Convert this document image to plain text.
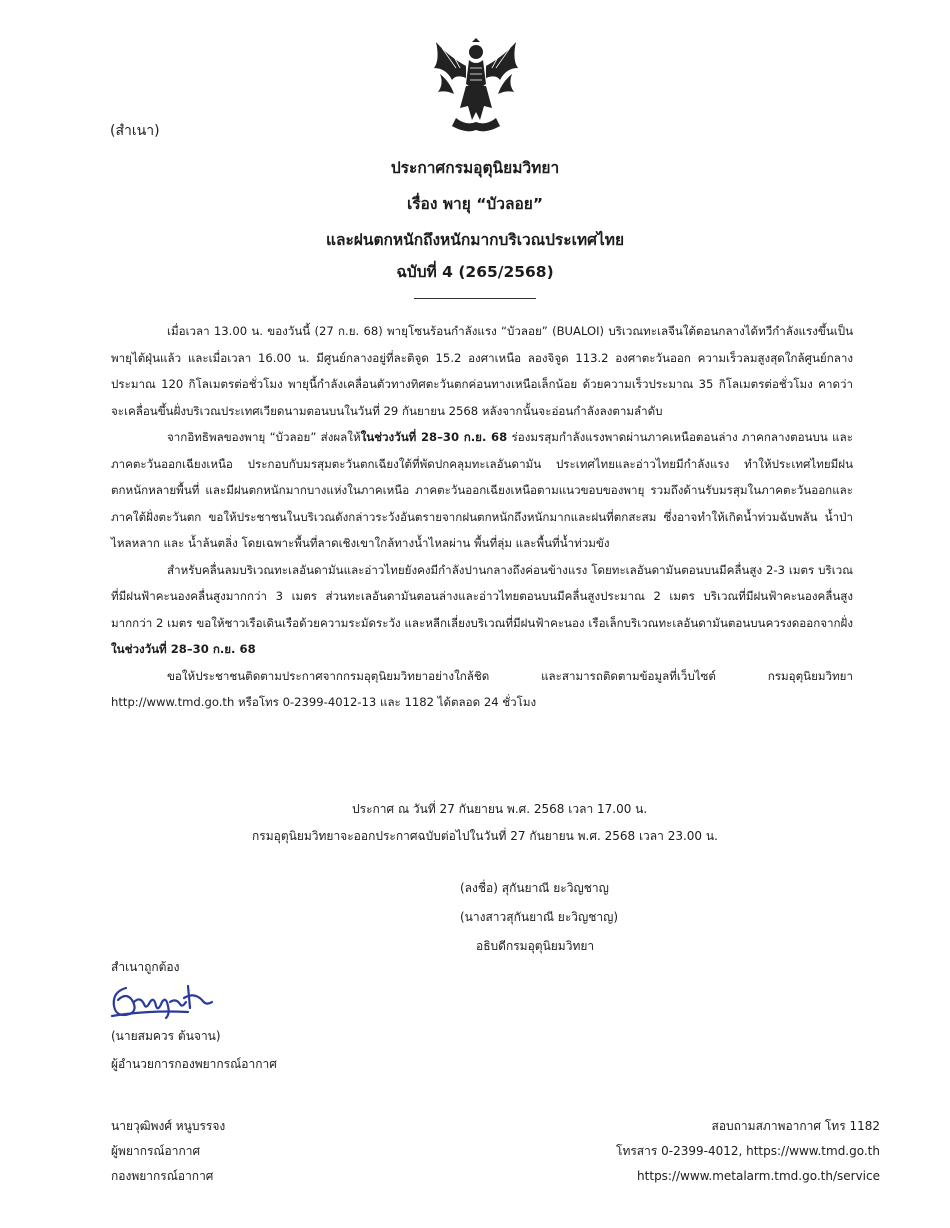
(สำเนา)
ประกาศกรมอุตุนิยมวิทยา
เรื่อง พายุ “บัวลอย”
และฝนตกหนักถึงหนักมากบริเวณประเทศไทย
ฉบับที่ 4 (265/2568)

เมื่อเวลา 13.00 น. ของวันนี้ (27 ก.ย. 68) พายุโซนร้อนกำลังแรง “บัวลอย” (BUALOI) บริเวณทะเลจีนใต้ตอนกลางได้ทวีกำลังแรงขึ้นเป็นพายุไต้ฝุ่นแล้ว และเมื่อเวลา 16.00 น. มีศูนย์กลางอยู่ที่ละติจูด 15.2 องศาเหนือ ลองจิจูด 113.2 องศาตะวันออก ความเร็วลมสูงสุดใกล้ศูนย์กลางประมาณ 120 กิโลเมตรต่อชั่วโมง พายุนี้กำลังเคลื่อนตัวทางทิศตะวันตกค่อนทางเหนือเล็กน้อย ด้วยความเร็วประมาณ 35 กิโลเมตรต่อชั่วโมง คาดว่าจะเคลื่อนขึ้นฝั่งบริเวณประเทศเวียดนามตอนบนในวันที่ 29 กันยายน 2568 หลังจากนั้นจะอ่อนกำลังลงตามลำดับ

จากอิทธิพลของพายุ “บัวลอย” ส่งผลให้ในช่วงวันที่ 28–30 ก.ย. 68 ร่องมรสุมกำลังแรงพาดผ่านภาคเหนือตอนล่าง ภาคกลางตอนบน และภาคตะวันออกเฉียงเหนือ ประกอบกับมรสุมตะวันตกเฉียงใต้ที่พัดปกคลุมทะเลอันดามัน ประเทศไทยและอ่าวไทยมีกำลังแรง ทำให้ประเทศไทยมีฝนตกหนักหลายพื้นที่ และมีฝนตกหนักมากบางแห่งในภาคเหนือ ภาคตะวันออกเฉียงเหนือตามแนวขอบของพายุ รวมถึงด้านรับมรสุมในภาคตะวันออกและภาคใต้ฝั่งตะวันตก ขอให้ประชาชนในบริเวณดังกล่าวระวังอันตรายจากฝนตกหนักถึงหนักมากและฝนที่ตกสะสม ซึ่งอาจทำให้เกิดน้ำท่วมฉับพลัน น้ำป่าไหลหลาก และ น้ำล้นตลิ่ง โดยเฉพาะพื้นที่ลาดเชิงเขาใกล้ทางน้ำไหลผ่าน พื้นที่ลุ่ม และพื้นที่น้ำท่วมขัง

สำหรับคลื่นลมบริเวณทะเลอันดามันและอ่าวไทยยังคงมีกำลังปานกลางถึงค่อนข้างแรง โดยทะเลอันดามันตอนบนมีคลื่นสูง 2-3 เมตร บริเวณที่มีฝนฟ้าคะนองคลื่นสูงมากกว่า 3 เมตร ส่วนทะเลอันดามันตอนล่างและอ่าวไทยตอนบนมีคลื่นสูงประมาณ 2 เมตร บริเวณที่มีฝนฟ้าคะนองคลื่นสูงมากกว่า 2 เมตร ขอให้ชาวเรือเดินเรือด้วยความระมัดระวัง และหลีกเลี่ยงบริเวณที่มีฝนฟ้าคะนอง เรือเล็กบริเวณทะเลอันดามันตอนบนควรงดออกจากฝั่งในช่วงวันที่ 28–30 ก.ย. 68

ขอให้ประชาชนติดตามประกาศจากกรมอุตุนิยมวิทยาอย่างใกล้ชิด และสามารถติดตามข้อมูลที่เว็บไซต์ กรมอุตุนิยมวิทยา http://www.tmd.go.th หรือโทร 0-2399-4012-13 และ 1182 ได้ตลอด 24 ชั่วโมง

ประกาศ ณ วันที่ 27 กันยายน พ.ศ. 2568 เวลา 17.00 น.
กรมอุตุนิยมวิทยาจะออกประกาศฉบับต่อไปในวันที่ 27 กันยายน พ.ศ. 2568 เวลา 23.00 น.
(ลงชื่อ) สุกันยาณี ยะวิญชาญ
(นางสาวสุกันยาณี ยะวิญชาญ)
อธิบดีกรมอุตุนิยมวิทยา
สำเนาถูกต้อง
(นายสมควร ต้นจาน)
ผู้อำนวยการกองพยากรณ์อากาศ
นายวุฒิพงศ์ หนูบรรจง
ผู้พยากรณ์อากาศ
กองพยากรณ์อากาศ
สอบถามสภาพอากาศ โทร 1182
โทรสาร 0-2399-4012, https://www.tmd.go.th
https://www.metalarm.tmd.go.th/service
